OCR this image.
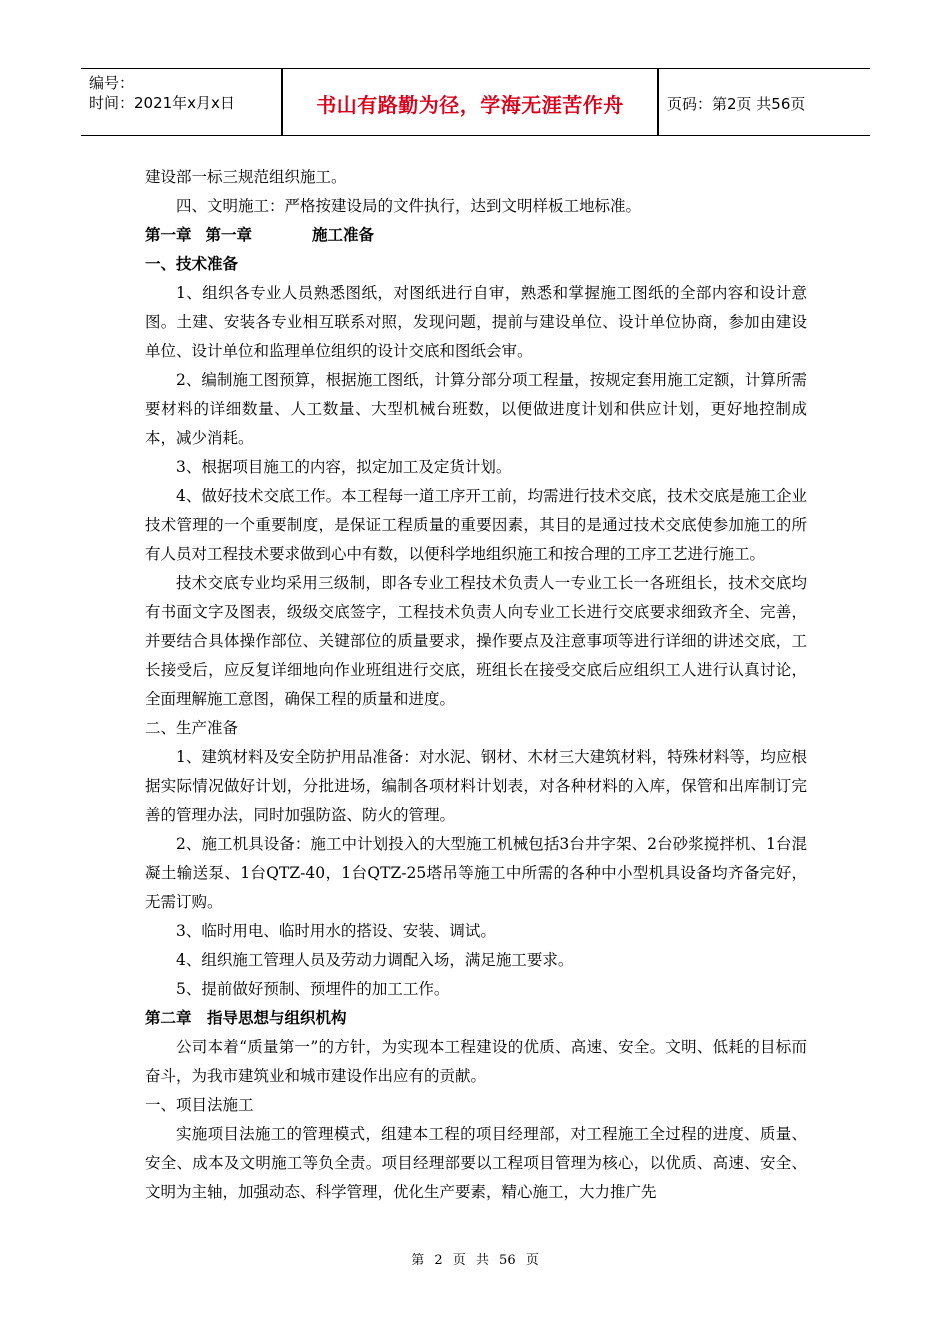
编号：
时间：2021年x月x日	书山有路勤为径，学海无涯苦作舟	页码：第2页 共56页

建设部一标三规范组织施工。

四、文明施工：严格按建设局的文件执行，达到文明样板工地标准。

第一章 第一章	施工准备

一、技术准备

1、组织各专业人员熟悉图纸，对图纸进行自审，熟悉和掌握施工图纸的全部内容和设计意图。土建、安装各专业相互联系对照，发现问题，提前与建设单位、设计单位协商，参加由建设单位、设计单位和监理单位组织的设计交底和图纸会审。

2、编制施工图预算，根据施工图纸，计算分部分项工程量，按规定套用施工定额，计算所需要材料的详细数量、人工数量、大型机械台班数，以便做进度计划和供应计划，更好地控制成本，减少消耗。

3、根据项目施工的内容，拟定加工及定货计划。

4、做好技术交底工作。本工程每一道工序开工前，均需进行技术交底，技术交底是施工企业技术管理的一个重要制度，是保证工程质量的重要因素，其目的是通过技术交底使参加施工的所有人员对工程技术要求做到心中有数，以便科学地组织施工和按合理的工序工艺进行施工。

技术交底专业均采用三级制，即各专业工程技术负责人一专业工长一各班组长，技术交底均有书面文字及图表，级级交底签字，工程技术负责人向专业工长进行交底要求细致齐全、完善，并要结合具体操作部位、关键部位的质量要求，操作要点及注意事项等进行详细的讲述交底，工长接受后，应反复详细地向作业班组进行交底，班组长在接受交底后应组织工人进行认真讨论，全面理解施工意图，确保工程的质量和进度。

二、生产准备

1、建筑材料及安全防护用品准备：对水泥、钢材、木材三大建筑材料，特殊材料等，均应根据实际情况做好计划，分批进场，编制各项材料计划表，对各种材料的入库，保管和出库制订完善的管理办法，同时加强防盗、防火的管理。

2、施工机具设备：施工中计划投入的大型施工机械包括3台井字架、2台砂浆搅拌机、1台混凝土输送泵、1台QTZ-40，1台QTZ-25塔吊等施工中所需的各种中小型机具设备均齐备完好，无需订购。

3、临时用电、临时用水的搭设、安装、调试。

4、组织施工管理人员及劳动力调配入场，满足施工要求。

5、提前做好预制、预埋件的加工工作。

第二章　指导思想与组织机构

公司本着“质量第一”的方针，为实现本工程建设的优质、高速、安全。文明、低耗的目标而奋斗，为我市建筑业和城市建设作出应有的贡献。

一、项目法施工

实施项目法施工的管理模式，组建本工程的项目经理部，对工程施工全过程的进度、质量、安全、成本及文明施工等负全责。项目经理部要以工程项目管理为核心，以优质、高速、安全、文明为主轴，加强动态、科学管理，优化生产要素，精心施工，大力推广先

第 2 页 共 56 页
